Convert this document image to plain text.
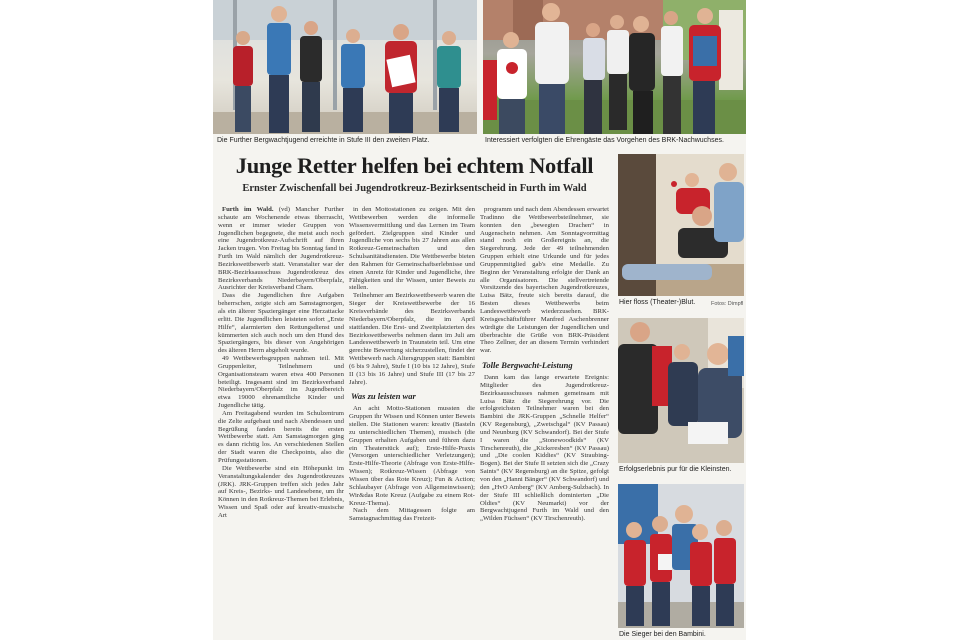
Die Further Bergwachtjugend erreichte in Stufe III den zweiten Platz.	Interessiert verfolgten die Ehrengäste das Vorgehen des BRK-Nachwuchses.
Junge Retter helfen bei echtem Notfall
Ernster Zwischenfall bei Jugendrotkreuz-Bezirksentscheid in Furth im Wald

Furth im Wald. (vd) Mancher Further schaute am Wochenende etwas überrascht, wenn er immer wieder Gruppen von Jugendlichen begegnete, die meist auch noch eine Jugendrotkreuz-Aufschrift auf ihren Jacken trugen. Von Freitag bis Sonntag fand in Furth im Wald nämlich der Jugendrotkreuz-Bezirkswettbewerb statt. Veranstalter war der BRK-Bezirksausschuss Jugendrotkreuz des Bezirksverbands Niederbayern/Oberpfalz, Ausrichter der Kreisverband Cham.

Dass die Jugendlichen ihre Aufgaben beherrschen, zeigte sich am Samstagmorgen, als ein älterer Spaziergänger eine Herzattacke erlitt. Die Jugendlichen leisteten sofort „Erste Hilfe“, alarmierten den Rettungsdienst und kümmerten sich auch noch um den Hund des Spaziergängers, bis dieser von Angehörigen des älteren Herrn abgeholt wurde.

49 Wettbewerbsgruppen nahmen teil. Mit Gruppenleiter, Teilnehmern und Organisationsteam waren etwa 400 Personen beteiligt. Insgesamt sind im Bezirksverband Niederbayern/Oberpfalz im Jugendbereich etwa 19000 ehrenamtliche Kinder und Jugendliche tätig.

Am Freitagabend wurden im Schulzentrum die Zelte aufgebaut und nach Abendessen und Begrüßung fanden bereits die ersten Wettbewerbe statt. Am Samstagmorgen ging es dann richtig los. An verschiedenen Stellen der Stadt waren die Checkpoints, also die Prüfungsstationen.

Die Wettbewerbe sind ein Höhepunkt im Veranstaltungskalender des Jugendrotkreuzes (JRK). JRK-Gruppen treffen sich jedes Jahr auf Kreis-, Bezirks- und Landesebene, um ihr Können in den Rotkreuz-Themen bei Erlebnis, Wissen und Spaß oder auf kreativ-musische Art

in den Mottostationen zu zeigen. Mit den Wettbewerben werden die informelle Wissensvermittlung und das Lernen im Team gefördert. Zielgruppen sind Kinder und Jugendliche von sechs bis 27 Jahren aus allen Rotkreuz-Gemeinschaften und den Schulsanitätsdiensten. Die Wettbewerbe bieten den Rahmen für Gemeinschaftserlebnisse und einen Anreiz für Kinder und Jugendliche, ihre Fähigkeiten und ihr Wissen, unter Beweis zu stellen.

Teilnehmer am Bezirkswettbewerb waren die Sieger der Kreiswettbewerbe der 16 Kreisverbände des Bezirksverbands Niederbayern/Oberpfalz, die im April stattfanden. Die Erst- und Zweitplatzierten des Bezirkswettbewerbs nehmen dann im Juli am Landeswettbewerb in Traunstein teil. Um eine gerechte Bewertung sicherzustellen, findet der Wettbewerb nach Altersgruppen statt: Bambini (6 bis 9 Jahre), Stufe I (10 bis 12 Jahre), Stufe II (13 bis 16 Jahre) und Stufe III (17 bis 27 Jahre).

Was zu leisten war

An acht Motto-Stationen mussten die Gruppen ihr Wissen und Können unter Beweis stellen. Die Stationen waren: kreativ (Basteln zu unterschiedlichen Themen), musisch (die Gruppen erhalten Aufgaben und führen dazu ein Theaterstück auf); Erste-Hilfe-Praxis (Versorgen unterschiedlicher Verletzungen); Erste-Hilfe-Theorie (Abfrage von Erste-Hilfe-Wissen); Rotkreuz-Wissen (Abfrage von Wissen über das Rote Kreuz); Fun & Action; Schlaubayer (Abfrage von Allgemeinwissen); Wir&das Rote Kreuz (Aufgabe zu einem Rot-Kreuz-Thema).

Nach dem Mittagessen folgte am Samstagnachmittag das Freizeit-

programm und nach dem Abendessen erwartet Tradinno die Wettbewerbsteilnehmer, sie konnten den „bewegten Drachen“ in Augenschein nehmen. Am Sonntagvormittag stand noch ein Großereignis an, die Siegerehrung. Jede der 49 teilnehmenden Gruppen erhielt eine Urkunde und für jedes Gruppenmitglied gab's eine Medaille. Zu Beginn der Veranstaltung erfolgte der Dank an alle Organisatoren. Die stellvertretende Vorsitzende des bayerischen Jugendrotkreuzes, Luisa Bätz, freute sich bereits darauf, die Besten dieses Wettbewerbs beim Landeswettbewerb wiederzusehen. BRK-Kreisgeschäftsführer Manfred Aschenbrenner würdigte die Leistungen der Jugendlichen und überbrachte die Grüße von BRK-Präsident Theo Zellner, der an diesem Termin verhindert war.

Tolle Bergwacht-Leistung

Dann kam das lange erwartete Ereignis: Mitglieder des Jugendrotkreuz-Bezirksausschusses nahmen gemeinsam mit Luisa Bätz die Siegerehrung vor. Die erfolgreichsten Teilnehmer waren bei den Bambini die JRK-Gruppen „Schnelle Helfer“ (KV Regensburg), „Zwetschgal“ (KV Passau) und Neunburg (KV Schwandorf). Bei der Stufe I waren die „Stonewoodkids“ (KV Tirschenreuth), die „Kickeresben“ (KV Passau) und „Die coolen Kiddies“ (KV Straubing-Bogen). Bei der Stufe II setzten sich die „Crazy Saints“ (KV Regensburg) an die Spitze, gefolgt von den „Hanni Bänger“ (KV Schwandorf) und den „HvO Amberg“ (KV Amberg-Sulzbach). In der Stufe III schließlich dominierten „Die Oldies“ (KV Neumarkt) vor der Bergwachtjugend Furth im Wald und den „Wilden Füchsen“ (KV Tirschenreuth).

Hier floss (Theater-)Blut.	Fotos: Dimpfl
Erfolgserlebnis pur für die Kleinsten.
Die Sieger bei den Bambini.
